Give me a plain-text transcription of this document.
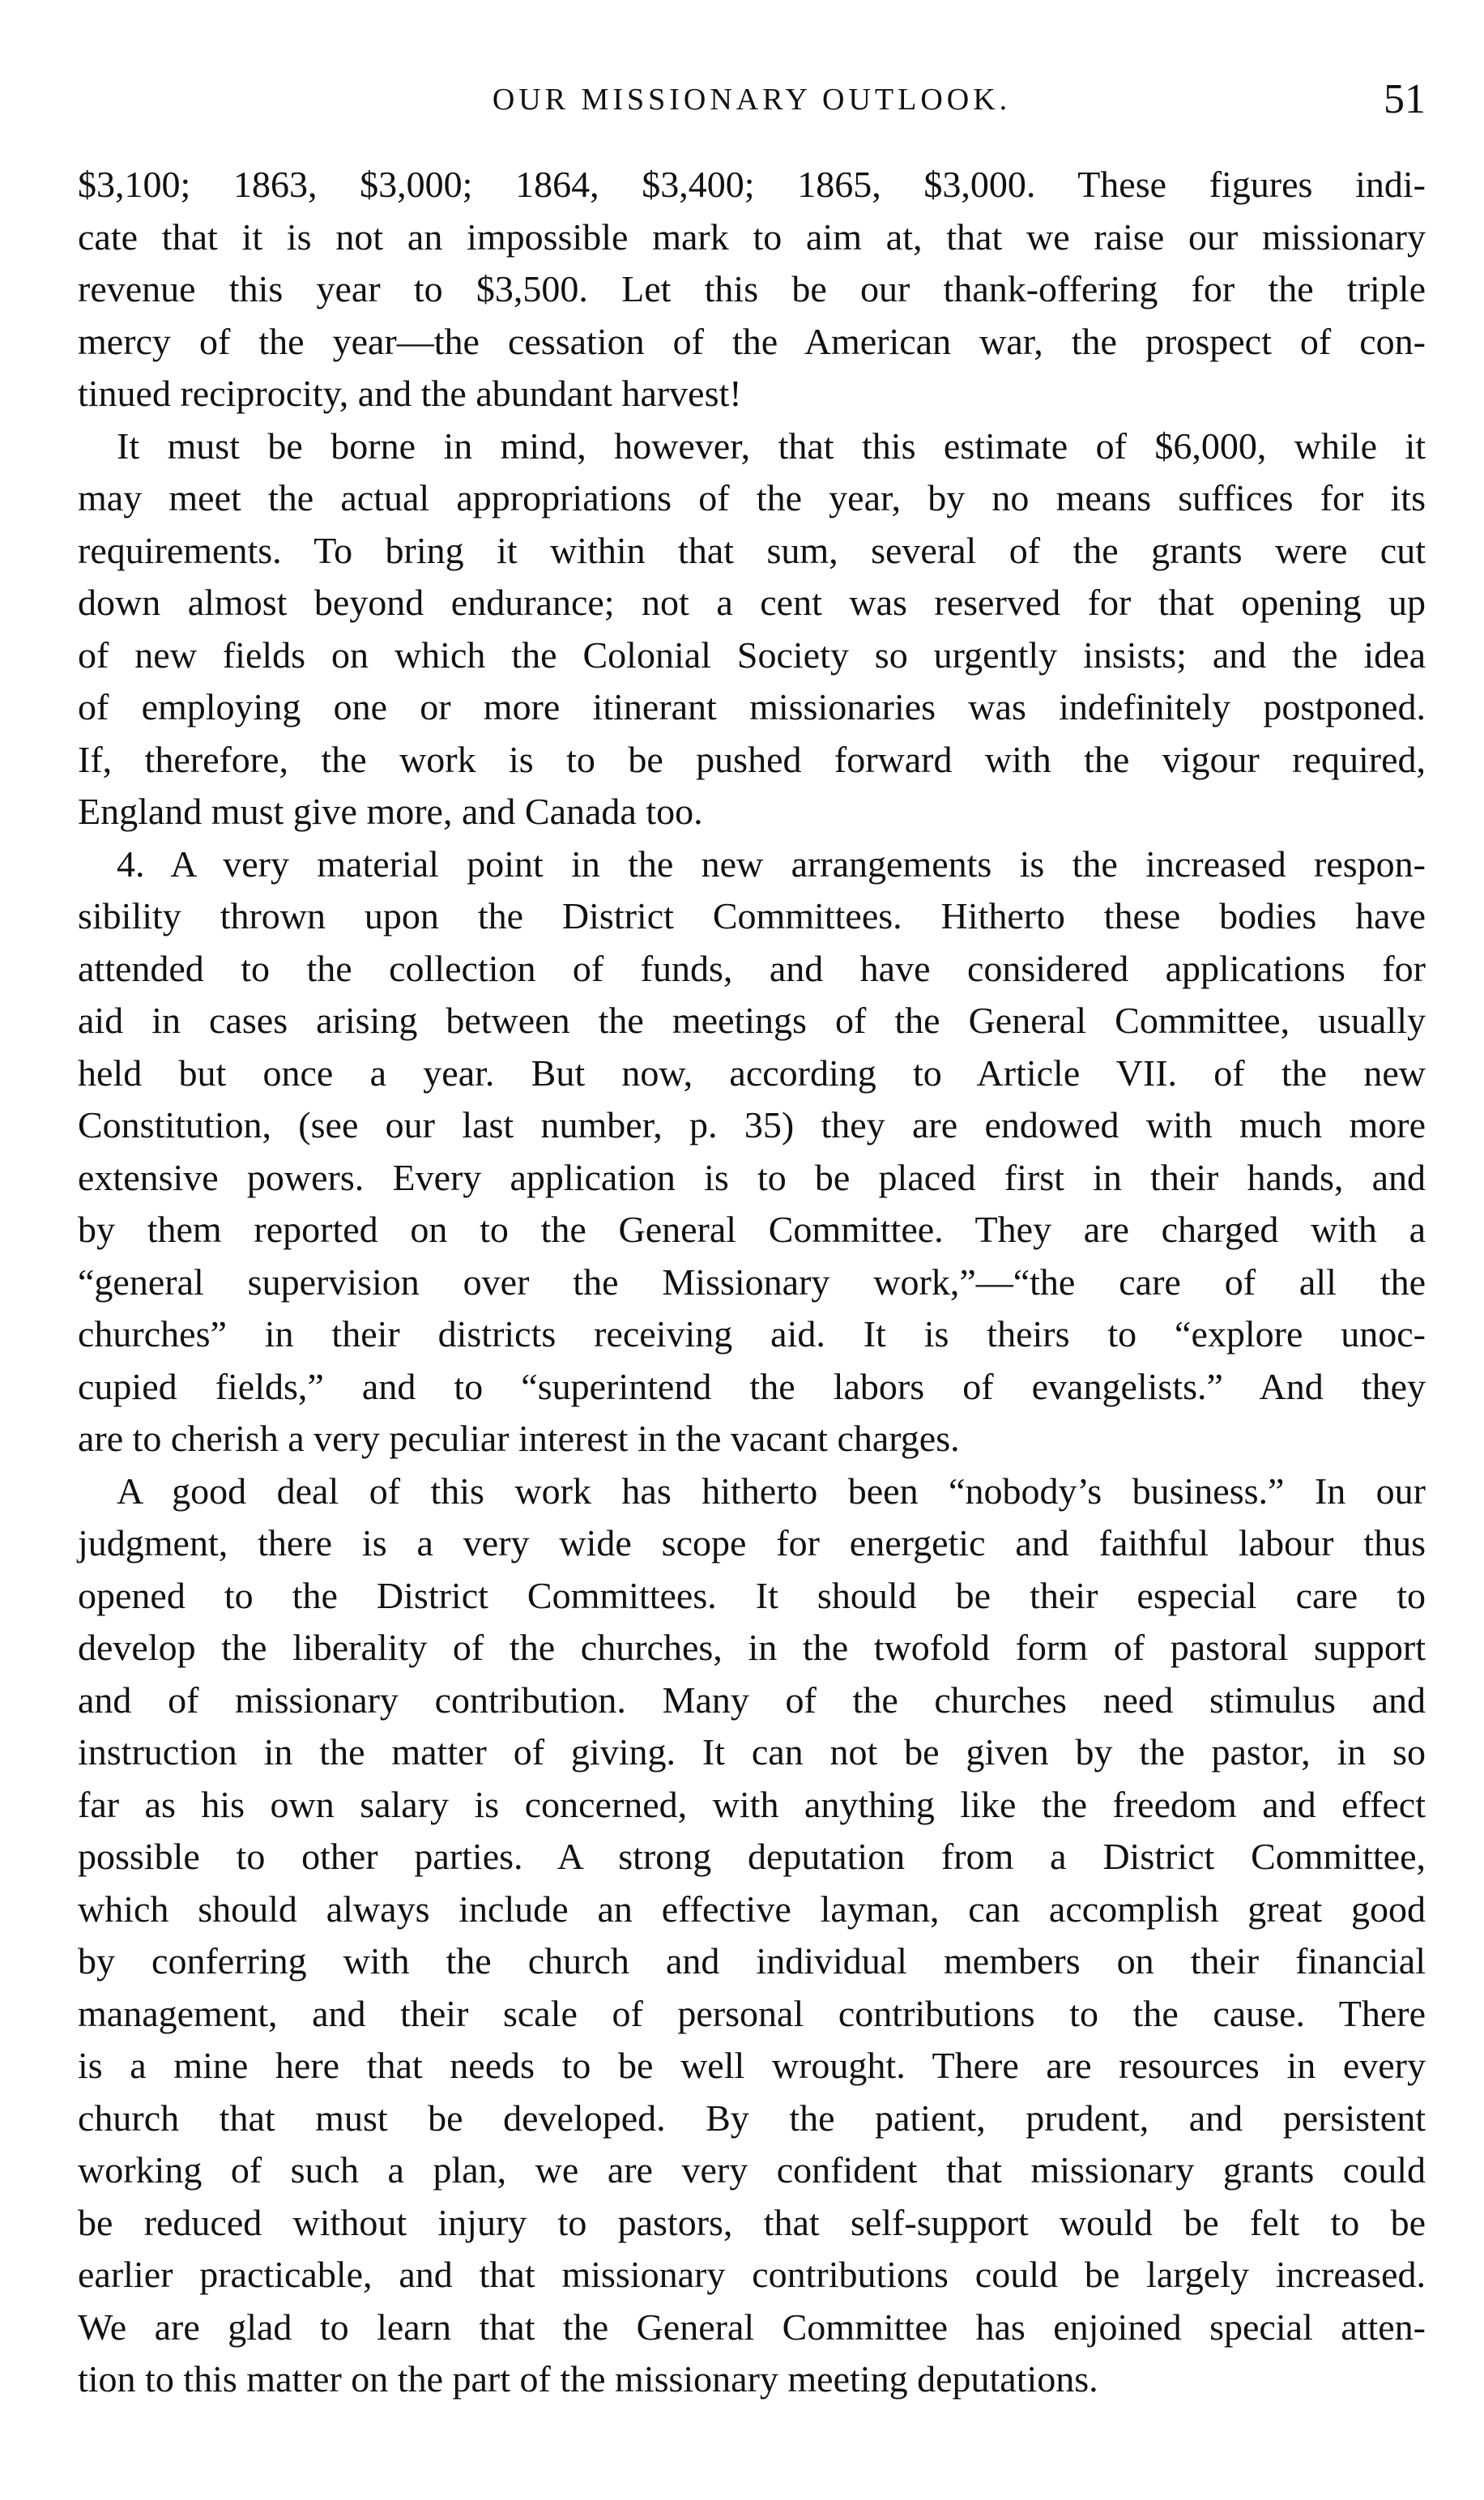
OUR MISSIONARY OUTLOOK.	51
$3,100; 1863, $3,000; 1864, $3,400; 1865, $3,000. These figures indi-
cate that it is not an impossible mark to aim at, that we raise our missionary
revenue this year to $3,500. Let this be our thank-offering for the triple
mercy of the year—the cessation of the American war, the prospect of con-
tinued reciprocity, and the abundant harvest!
It must be borne in mind, however, that this estimate of $6,000, while it
may meet the actual appropriations of the year, by no means suffices for its
requirements. To bring it within that sum, several of the grants were cut
down almost beyond endurance; not a cent was reserved for that opening up
of new fields on which the Colonial Society so urgently insists; and the idea
of employing one or more itinerant missionaries was indefinitely postponed.
If, therefore, the work is to be pushed forward with the vigour required,
England must give more, and Canada too.
4. A very material point in the new arrangements is the increased respon-
sibility thrown upon the District Committees. Hitherto these bodies have
attended to the collection of funds, and have considered applications for
aid in cases arising between the meetings of the General Committee, usually
held but once a year. But now, according to Article VII. of the new
Constitution, (see our last number, p. 35) they are endowed with much more
extensive powers. Every application is to be placed first in their hands, and
by them reported on to the General Committee. They are charged with a
“general supervision over the Missionary work,”—“the care of all the
churches” in their districts receiving aid. It is theirs to “explore unoc-
cupied fields,” and to “superintend the labors of evangelists.” And they
are to cherish a very peculiar interest in the vacant charges.
A good deal of this work has hitherto been “nobody’s business.” In our
judgment, there is a very wide scope for energetic and faithful labour thus
opened to the District Committees. It should be their especial care to
develop the liberality of the churches, in the twofold form of pastoral support
and of missionary contribution. Many of the churches need stimulus and
instruction in the matter of giving. It can not be given by the pastor, in so
far as his own salary is concerned, with anything like the freedom and effect
possible to other parties. A strong deputation from a District Committee,
which should always include an effective layman, can accomplish great good
by conferring with the church and individual members on their financial
management, and their scale of personal contributions to the cause. There
is a mine here that needs to be well wrought. There are resources in every
church that must be developed. By the patient, prudent, and persistent
working of such a plan, we are very confident that missionary grants could
be reduced without injury to pastors, that self-support would be felt to be
earlier practicable, and that missionary contributions could be largely increased.
We are glad to learn that the General Committee has enjoined special atten-
tion to this matter on the part of the missionary meeting deputations.
